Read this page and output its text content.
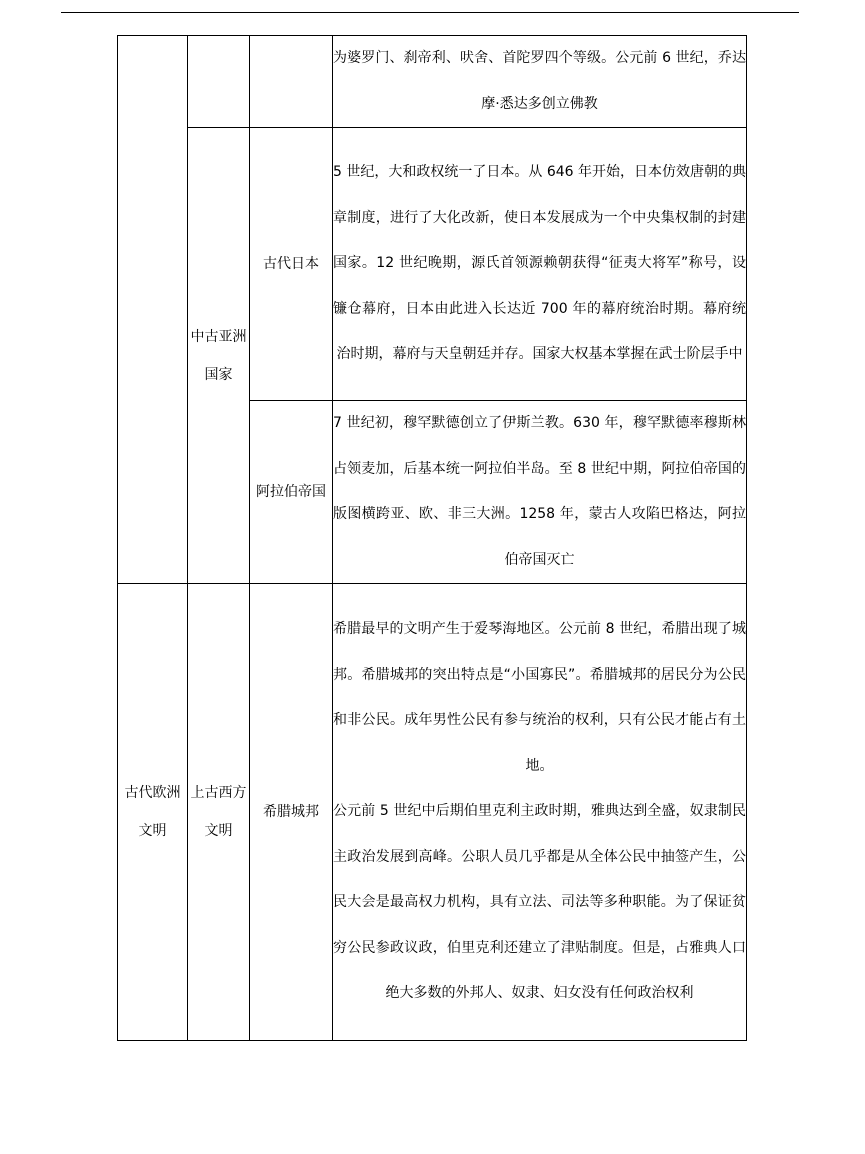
			为婆罗门、刹帝利、吠舍、首陀罗四个等级。公元前 6 世纪，乔达摩·悉达多创立佛教

	中古亚洲国家	古代日本	5 世纪，大和政权统一了日本。从 646 年开始，日本仿效唐朝的典章制度，进行了大化改新，使日本发展成为一个中央集权制的封建国家。12 世纪晚期，源氏首领源赖朝获得“征夷大将军”称号，设镰仓幕府，日本由此进入长达近 700 年的幕府统治时期。幕府统治时期，幕府与天皇朝廷并存。国家大权基本掌握在武士阶层手中

		阿拉伯帝国	7 世纪初，穆罕默德创立了伊斯兰教。630 年，穆罕默德率穆斯林占领麦加，后基本统一阿拉伯半岛。至 8 世纪中期，阿拉伯帝国的版图横跨亚、欧、非三大洲。1258 年，蒙古人攻陷巴格达，阿拉伯帝国灭亡

古代欧洲文明	上古西方文明	希腊城邦	希腊最早的文明产生于爱琴海地区。公元前 8 世纪，希腊出现了城邦。希腊城邦的突出特点是“小国寡民”。希腊城邦的居民分为公民和非公民。成年男性公民有参与统治的权利，只有公民才能占有土地。

公元前 5 世纪中后期伯里克利主政时期，雅典达到全盛，奴隶制民主政治发展到高峰。公职人员几乎都是从全体公民中抽签产生，公民大会是最高权力机构，具有立法、司法等多种职能。为了保证贫穷公民参政议政，伯里克利还建立了津贴制度。但是，占雅典人口绝大多数的外邦人、奴隶、妇女没有任何政治权利
